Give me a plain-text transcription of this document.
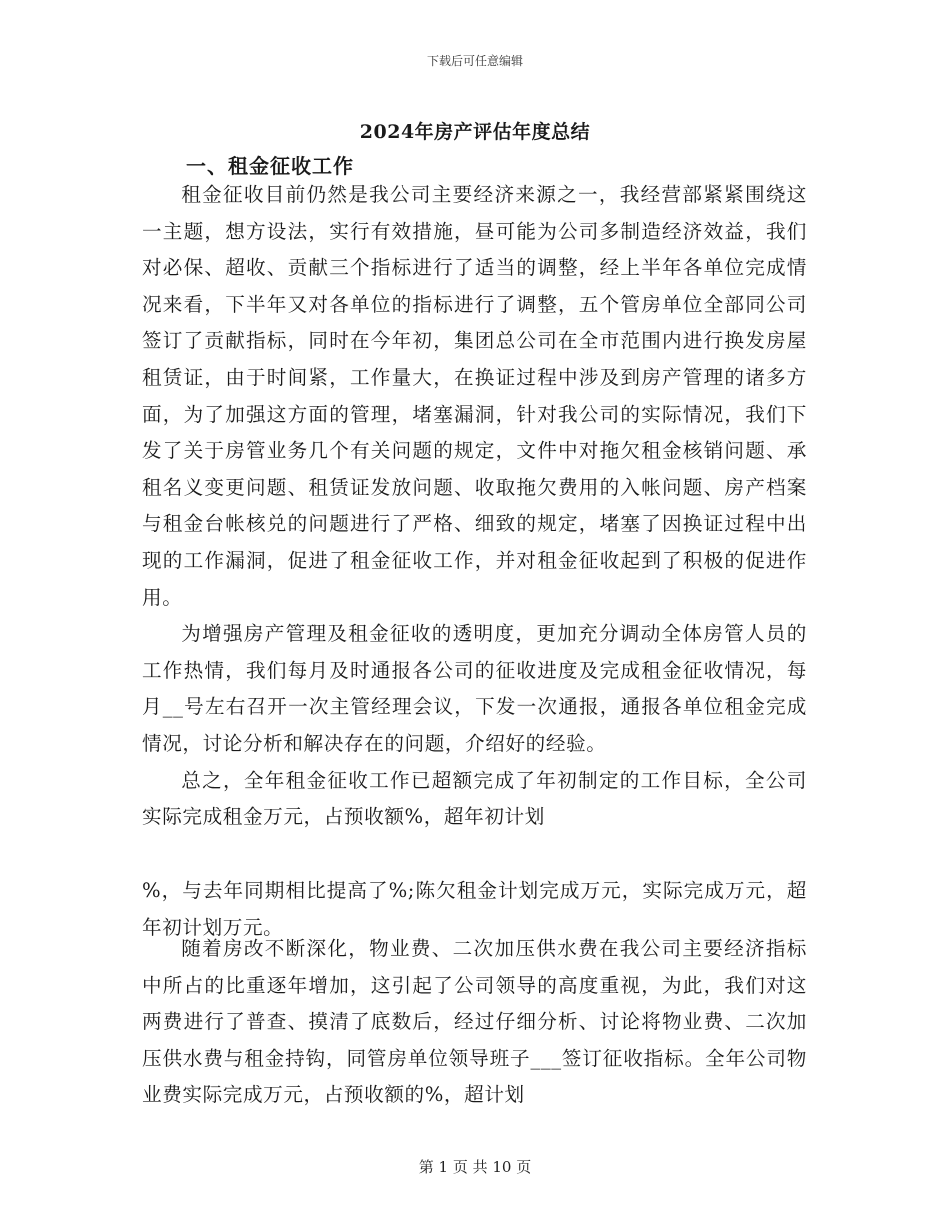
下载后可任意编辑
2024年房产评估年度总结
一、租金征收工作

租金征收目前仍然是我公司主要经济来源之一，我经营部紧紧围绕这一主题，想方设法，实行有效措施，昼可能为公司多制造经济效益，我们对必保、超收、贡献三个指标进行了适当的调整，经上半年各单位完成情况来看，下半年又对各单位的指标进行了调整，五个管房单位全部同公司签订了贡献指标，同时在今年初，集团总公司在全市范围内进行换发房屋租赁证，由于时间紧，工作量大，在换证过程中涉及到房产管理的诸多方面，为了加强这方面的管理，堵塞漏洞，针对我公司的实际情况，我们下发了关于房管业务几个有关问题的规定，文件中对拖欠租金核销问题、承租名义变更问题、租赁证发放问题、收取拖欠费用的入帐问题、房产档案与租金台帐核兑的问题进行了严格、细致的规定，堵塞了因换证过程中出现的工作漏洞，促进了租金征收工作，并对租金征收起到了积极的促进作用。

为增强房产管理及租金征收的透明度，更加充分调动全体房管人员的工作热情，我们每月及时通报各公司的征收进度及完成租金征收情况，每月__号左右召开一次主管经理会议，下发一次通报，通报各单位租金完成情况，讨论分析和解决存在的问题，介绍好的经验。

总之，全年租金征收工作已超额完成了年初制定的工作目标，全公司实际完成租金万元，占预收额%，超年初计划

%，与去年同期相比提高了%;陈欠租金计划完成万元，实际完成万元，超年初计划万元。

随着房改不断深化，物业费、二次加压供水费在我公司主要经济指标中所占的比重逐年增加，这引起了公司领导的高度重视，为此，我们对这两费进行了普查、摸清了底数后，经过仔细分析、讨论将物业费、二次加压供水费与租金持钩，同管房单位领导班子___签订征收指标。全年公司物业费实际完成万元，占预收额的%，超计划

第 1 页 共 10 页
